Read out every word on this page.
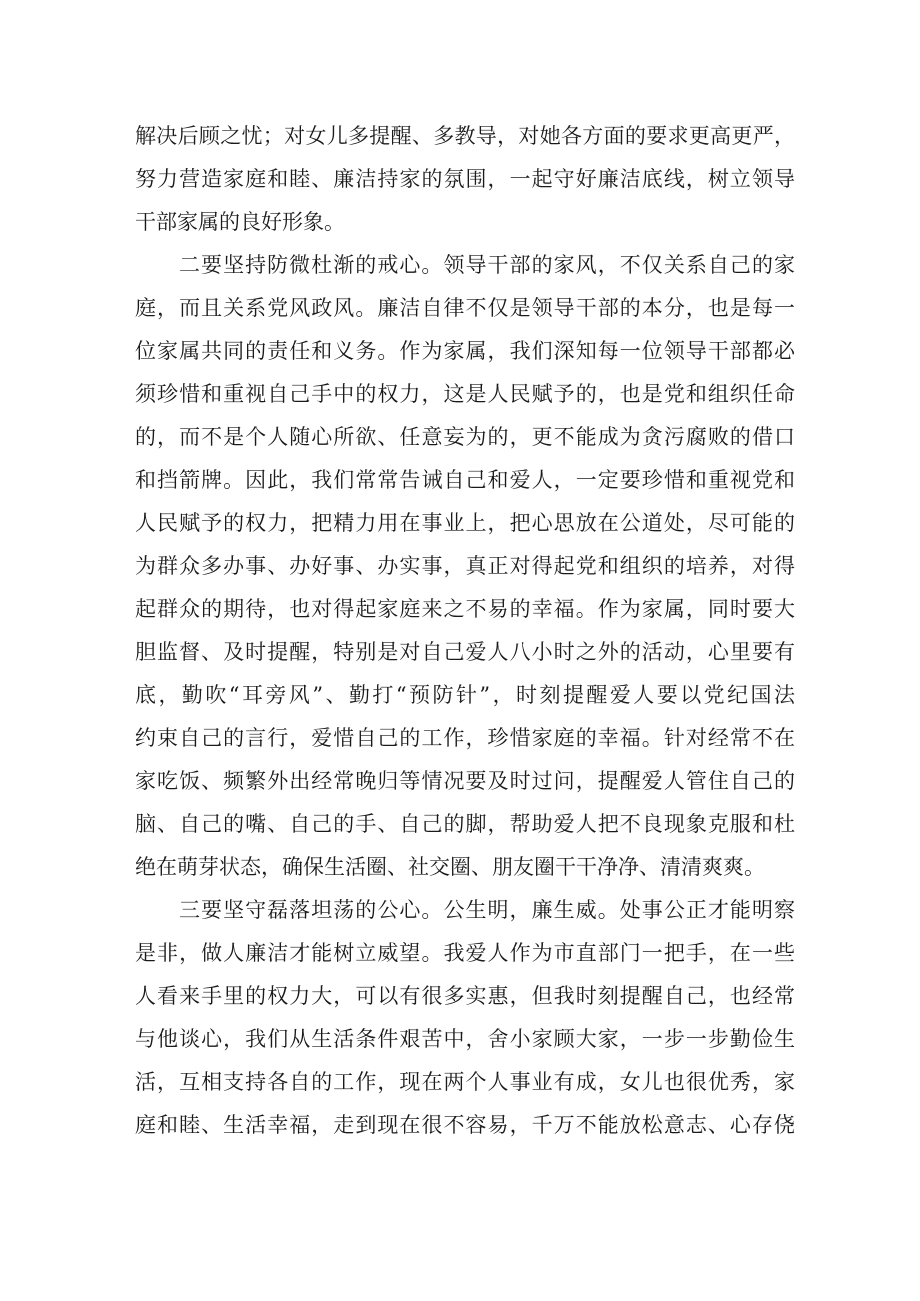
解决后顾之忧；对女儿多提醒、多教导，对她各方面的要求更高更严，
努力营造家庭和睦、廉洁持家的氛围，一起守好廉洁底线，树立领导
干部家属的良好形象。
二要坚持防微杜渐的戒心。领导干部的家风，不仅关系自己的家
庭，而且关系党风政风。廉洁自律不仅是领导干部的本分，也是每一
位家属共同的责任和义务。作为家属，我们深知每一位领导干部都必
须珍惜和重视自己手中的权力，这是人民赋予的，也是党和组织任命
的，而不是个人随心所欲、任意妄为的，更不能成为贪污腐败的借口
和挡箭牌。因此，我们常常告诫自己和爱人，一定要珍惜和重视党和
人民赋予的权力，把精力用在事业上，把心思放在公道处，尽可能的
为群众多办事、办好事、办实事，真正对得起党和组织的培养，对得
起群众的期待，也对得起家庭来之不易的幸福。作为家属，同时要大
胆监督、及时提醒，特别是对自己爱人八小时之外的活动，心里要有
底，勤吹“耳旁风”、勤打“预防针”，时刻提醒爱人要以党纪国法
约束自己的言行，爱惜自己的工作，珍惜家庭的幸福。针对经常不在
家吃饭、频繁外出经常晚归等情况要及时过问，提醒爱人管住自己的
脑、自己的嘴、自己的手、自己的脚，帮助爱人把不良现象克服和杜
绝在萌芽状态，确保生活圈、社交圈、朋友圈干干净净、清清爽爽。
三要坚守磊落坦荡的公心。公生明，廉生威。处事公正才能明察
是非，做人廉洁才能树立威望。我爱人作为市直部门一把手，在一些
人看来手里的权力大，可以有很多实惠，但我时刻提醒自己，也经常
与他谈心，我们从生活条件艰苦中，舍小家顾大家，一步一步勤俭生
活，互相支持各自的工作，现在两个人事业有成，女儿也很优秀，家
庭和睦、生活幸福，走到现在很不容易，千万不能放松意志、心存侥
